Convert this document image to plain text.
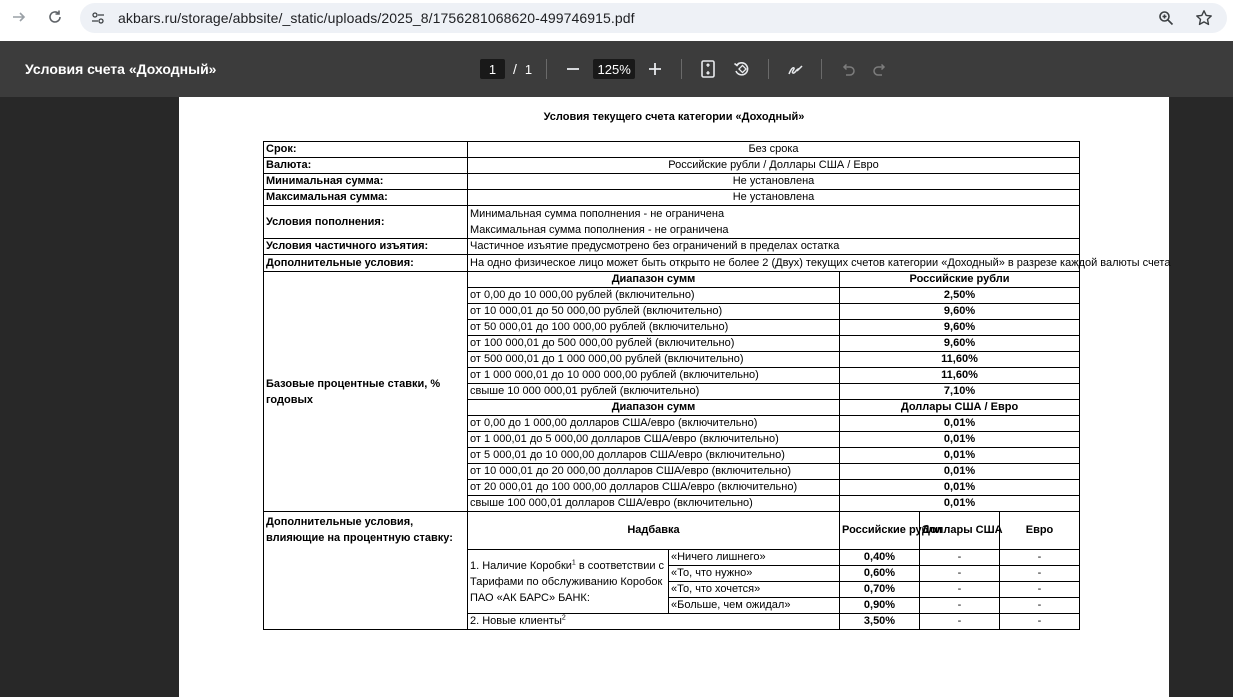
akbars.ru/storage/abbsite/_static/uploads/2025_8/1756281068620-499746915.pdf
Условия счета «Доходный»	1	/ 1	125%
Условия текущего счета категории «Доходный»
Срок:	Без срока				
Валюта:	Российские рубли / Доллары США / Евро				
Минимальная сумма:	Не установлена				
Максимальная сумма:	Не установлена				
Условия пополнения:	Минимальная сумма пополнения - не ограничена
Максимальная сумма пополнения - не ограничена				

Условия частичного изъятия:	Частичное изъятие предусмотрено без ограничений в пределах остатка				
Дополнительные условия:	На одно физическое лицо может быть открыто не более 2 (Двух) текущих счетов категории «Доходный» в разрезе каждой валюты счета				
Базовые процентные ставки, % годовых	Диапазон сумм		Российские рубли		
	от 0,00 до 10 000,00 рублей (включительно)		2,50%		
	от 10 000,01 до 50 000,00 рублей (включительно)		9,60%		
	от 50 000,01 до 100 000,00 рублей (включительно)		9,60%		
	от 100 000,01 до 500 000,00 рублей (включительно)		9,60%		
	от 500 000,01 до 1 000 000,00 рублей (включительно)		11,60%		
	от 1 000 000,01 до 10 000 000,00 рублей (включительно)		11,60%		
	свыше 10 000 000,01 рублей (включительно)		7,10%		
	Диапазон сумм		Доллары США / Евро		
	от 0,00 до 1 000,00 долларов США/евро (включительно)		0,01%		
	от 1 000,01 до 5 000,00 долларов США/евро (включительно)		0,01%		
	от 5 000,01 до 10 000,00 долларов США/евро (включительно)		0,01%		
	от 10 000,01 до 20 000,00 долларов США/евро (включительно)		0,01%		
	от 20 000,01 до 100 000,00 долларов США/евро (включительно)		0,01%		
	свыше 100 000,01 долларов США/евро (включительно)		0,01%		
Дополнительные условия, влияющие на процентную ставку:	Надбавка		Российские рубли	Доллары США	Евро
	1. Наличие Коробки$^1$ в соответствии с Тарифами по обслуживанию Коробок ПАО «АК БАРС» БАНК:	«Ничего лишнего»	0,40%	-	-
		«То, что нужно»	0,60%	-	-
		«То, что хочется»	0,70%	-	-
		«Больше, чем ожидал»	0,90%	-	-
	2. Новые клиенты$^2$		3,50%	-	-
